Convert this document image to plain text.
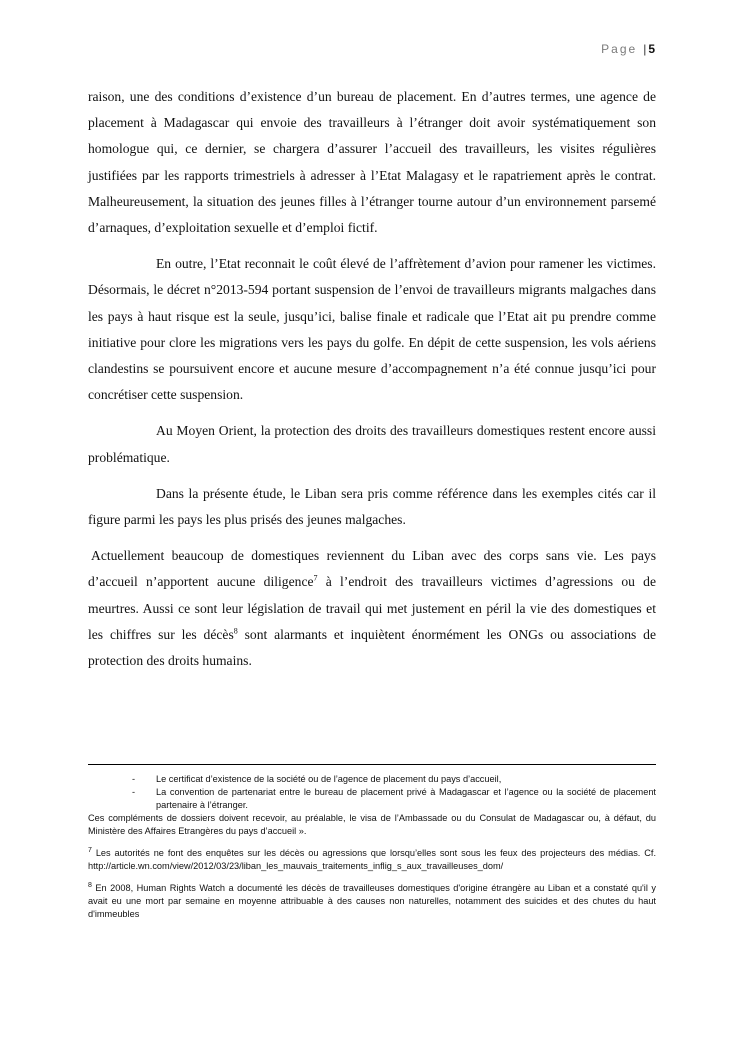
Page | 5

raison, une des conditions d’existence d’un bureau de placement. En d’autres termes, une agence de placement à Madagascar qui envoie des travailleurs à l’étranger doit avoir systématiquement son homologue qui, ce dernier, se chargera d’assurer l’accueil des travailleurs, les visites régulières justifiées par les rapports trimestriels à adresser à l’Etat Malagasy et le rapatriement après le contrat. Malheureusement, la situation des jeunes filles à l’étranger tourne autour d’un environnement parsemé d’arnaques, d’exploitation sexuelle et d’emploi fictif.

En outre, l’Etat reconnait le coût élevé de l’affrètement d’avion pour ramener les victimes. Désormais, le décret n°2013-594 portant suspension de l’envoi de travailleurs migrants malgaches dans les pays à haut risque est la seule, jusqu’ici, balise finale et radicale que l’Etat ait pu prendre comme initiative pour clore les migrations vers les pays du golfe. En dépit de cette suspension, les vols aériens clandestins se poursuivent encore et aucune mesure d’accompagnement n’a été connue jusqu’ici pour concrétiser cette suspension.

Au Moyen Orient, la protection des droits des travailleurs domestiques restent encore aussi problématique.

Dans la présente étude, le Liban sera pris comme référence dans les exemples cités car il figure parmi les pays les plus prisés des jeunes malgaches.

Actuellement beaucoup de domestiques reviennent du Liban avec des corps sans vie. Les pays d’accueil n’apportent aucune diligence$^7$ à l’endroit des travailleurs victimes d’agressions ou de meurtres. Aussi ce sont leur législation de travail qui met justement en péril la vie des domestiques et les chiffres sur les décès$^8$ sont alarmants et inquiètent énormément les ONGs ou associations de protection des droits humains.

- Le certificat d’existence de la société ou de l’agence de placement du pays d’accueil,
- La convention de partenariat entre le bureau de placement privé à Madagascar et l’agence ou la société de placement partenaire à l’étranger.

Ces compléments de dossiers doivent recevoir, au préalable, le visa de l’Ambassade ou du Consulat de Madagascar ou, à défaut, du Ministère des Affaires Etrangères du pays d’accueil ».

$^7$ Les autorités ne font des enquêtes sur les décès ou agressions que lorsqu’elles sont sous les feux des projecteurs des médias. Cf. http://article.wn.com/view/2012/03/23/liban_les_mauvais_traitements_inflig_s_aux_travailleuses_dom/

$^8$ En 2008, Human Rights Watch a documenté les décès de travailleuses domestiques d'origine étrangère au Liban et a constaté qu'il y avait eu une mort par semaine en moyenne attribuable à des causes non naturelles, notamment des suicides et des chutes du haut d'immeubles
